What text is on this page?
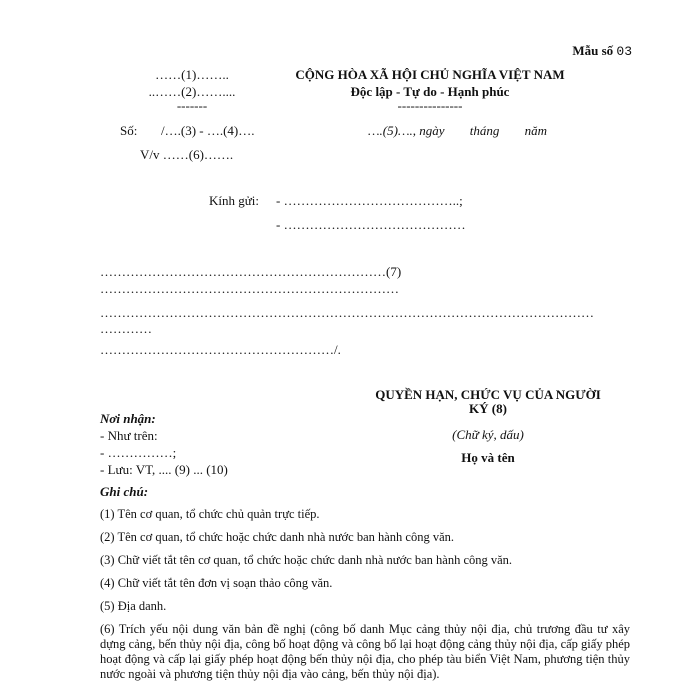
Mẫu số 03
……(1)……..
..……(2)……....
-------
CỘNG HÒA XÃ HỘI CHỦ NGHĨA VIỆT NAM
Độc lập - Tự do - Hạnh phúc
---------------
Số: /….(3) - ….(4)….	….(5)…., ngày tháng năm
V/v ……(6)…….
Kính gửi: - …………………………………..;
- ……………………………………
…………………………………………………………(7)
……………………………………………………………
……………………………………………………………………………………………………
…………
………………………………………………/.
QUYỀN HẠN, CHỨC VỤ CỦA NGƯỜI
KÝ (8)
(Chữ ký, dấu)
Họ và tên
Nơi nhận:
- Như trên:
- ……………;
- Lưu: VT, .... (9) ... (10)
Ghi chú:
(1) Tên cơ quan, tổ chức chủ quản trực tiếp.
(2) Tên cơ quan, tổ chức hoặc chức danh nhà nước ban hành công văn.
(3) Chữ viết tắt tên cơ quan, tổ chức hoặc chức danh nhà nước ban hành công văn.
(4) Chữ viết tắt tên đơn vị soạn thảo công văn.
(5) Địa danh.
(6) Trích yếu nội dung văn bản đề nghị (công bố danh Mục cảng thủy nội địa, chủ trương đầu tư xây dựng cảng, bến thủy nội địa, công bố hoạt động và công bố lại hoạt động cảng thủy nội địa, cấp giấy phép hoạt động và cấp lại giấy phép hoạt động bến thủy nội địa, cho phép tàu biển Việt Nam, phương tiện thủy nước ngoài và phương tiện thủy nội địa vào cảng, bến thủy nội địa).
